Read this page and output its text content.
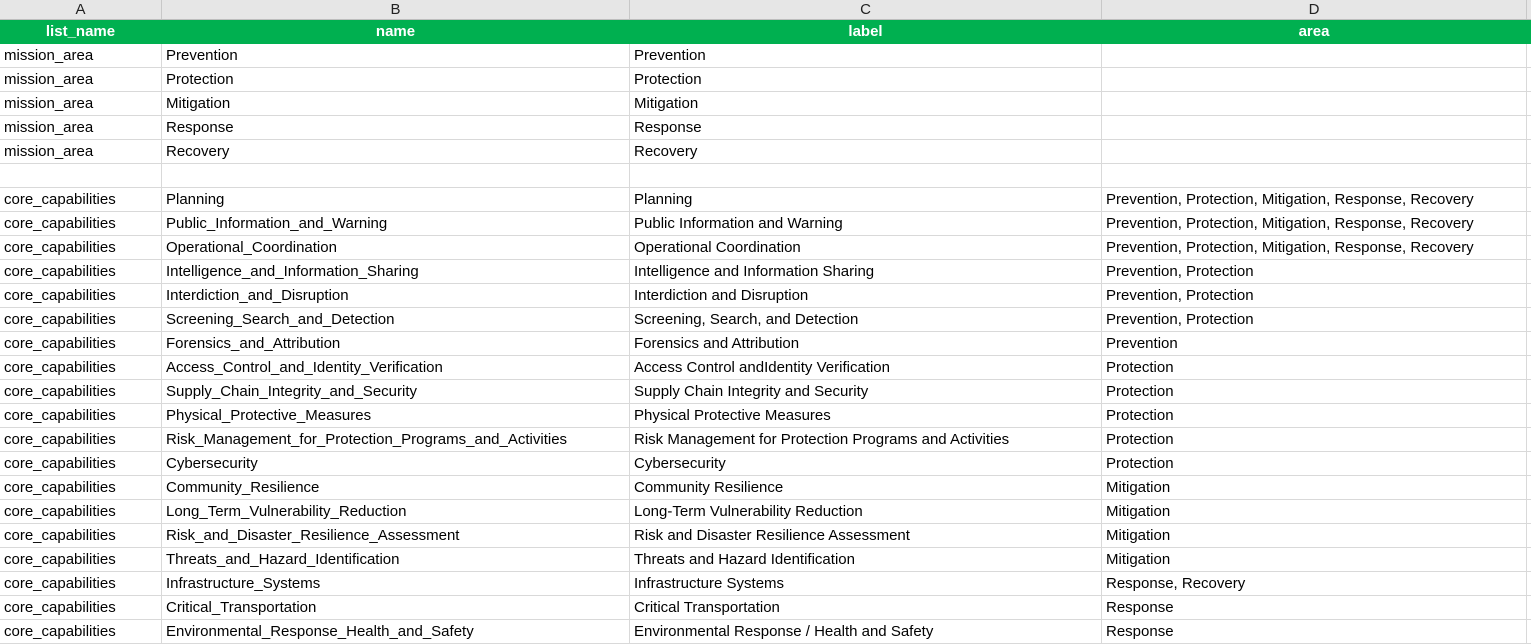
A	B	C	D
list_name	name	label	area
mission_area	Prevention	Prevention
mission_area	Protection	Protection
mission_area	Mitigation	Mitigation
mission_area	Response	Response
mission_area	Recovery	Recovery
core_capabilities	Planning	Planning	Prevention, Protection, Mitigation, Response, Recovery
core_capabilities	Public_Information_and_Warning	Public Information and Warning	Prevention, Protection, Mitigation, Response, Recovery
core_capabilities	Operational_Coordination	Operational Coordination	Prevention, Protection, Mitigation, Response, Recovery
core_capabilities	Intelligence_and_Information_Sharing	Intelligence and Information Sharing	Prevention, Protection
core_capabilities	Interdiction_and_Disruption	Interdiction and Disruption	Prevention, Protection
core_capabilities	Screening_Search_and_Detection	Screening, Search, and Detection	Prevention, Protection
core_capabilities	Forensics_and_Attribution	Forensics and Attribution	Prevention
core_capabilities	Access_Control_and_Identity_Verification	Access Control andIdentity Verification	Protection
core_capabilities	Supply_Chain_Integrity_and_Security	Supply Chain Integrity and Security	Protection
core_capabilities	Physical_Protective_Measures	Physical Protective Measures	Protection
core_capabilities	Risk_Management_for_Protection_Programs_and_Activities	Risk Management for Protection Programs and Activities	Protection
core_capabilities	Cybersecurity	Cybersecurity	Protection
core_capabilities	Community_Resilience	Community Resilience	Mitigation
core_capabilities	Long_Term_Vulnerability_Reduction	Long-Term Vulnerability Reduction	Mitigation
core_capabilities	Risk_and_Disaster_Resilience_Assessment	Risk and Disaster Resilience Assessment	Mitigation
core_capabilities	Threats_and_Hazard_Identification	Threats and Hazard Identification	Mitigation
core_capabilities	Infrastructure_Systems	Infrastructure Systems	Response, Recovery
core_capabilities	Critical_Transportation	Critical Transportation	Response
core_capabilities	Environmental_Response_Health_and_Safety	Environmental Response / Health and Safety	Response
